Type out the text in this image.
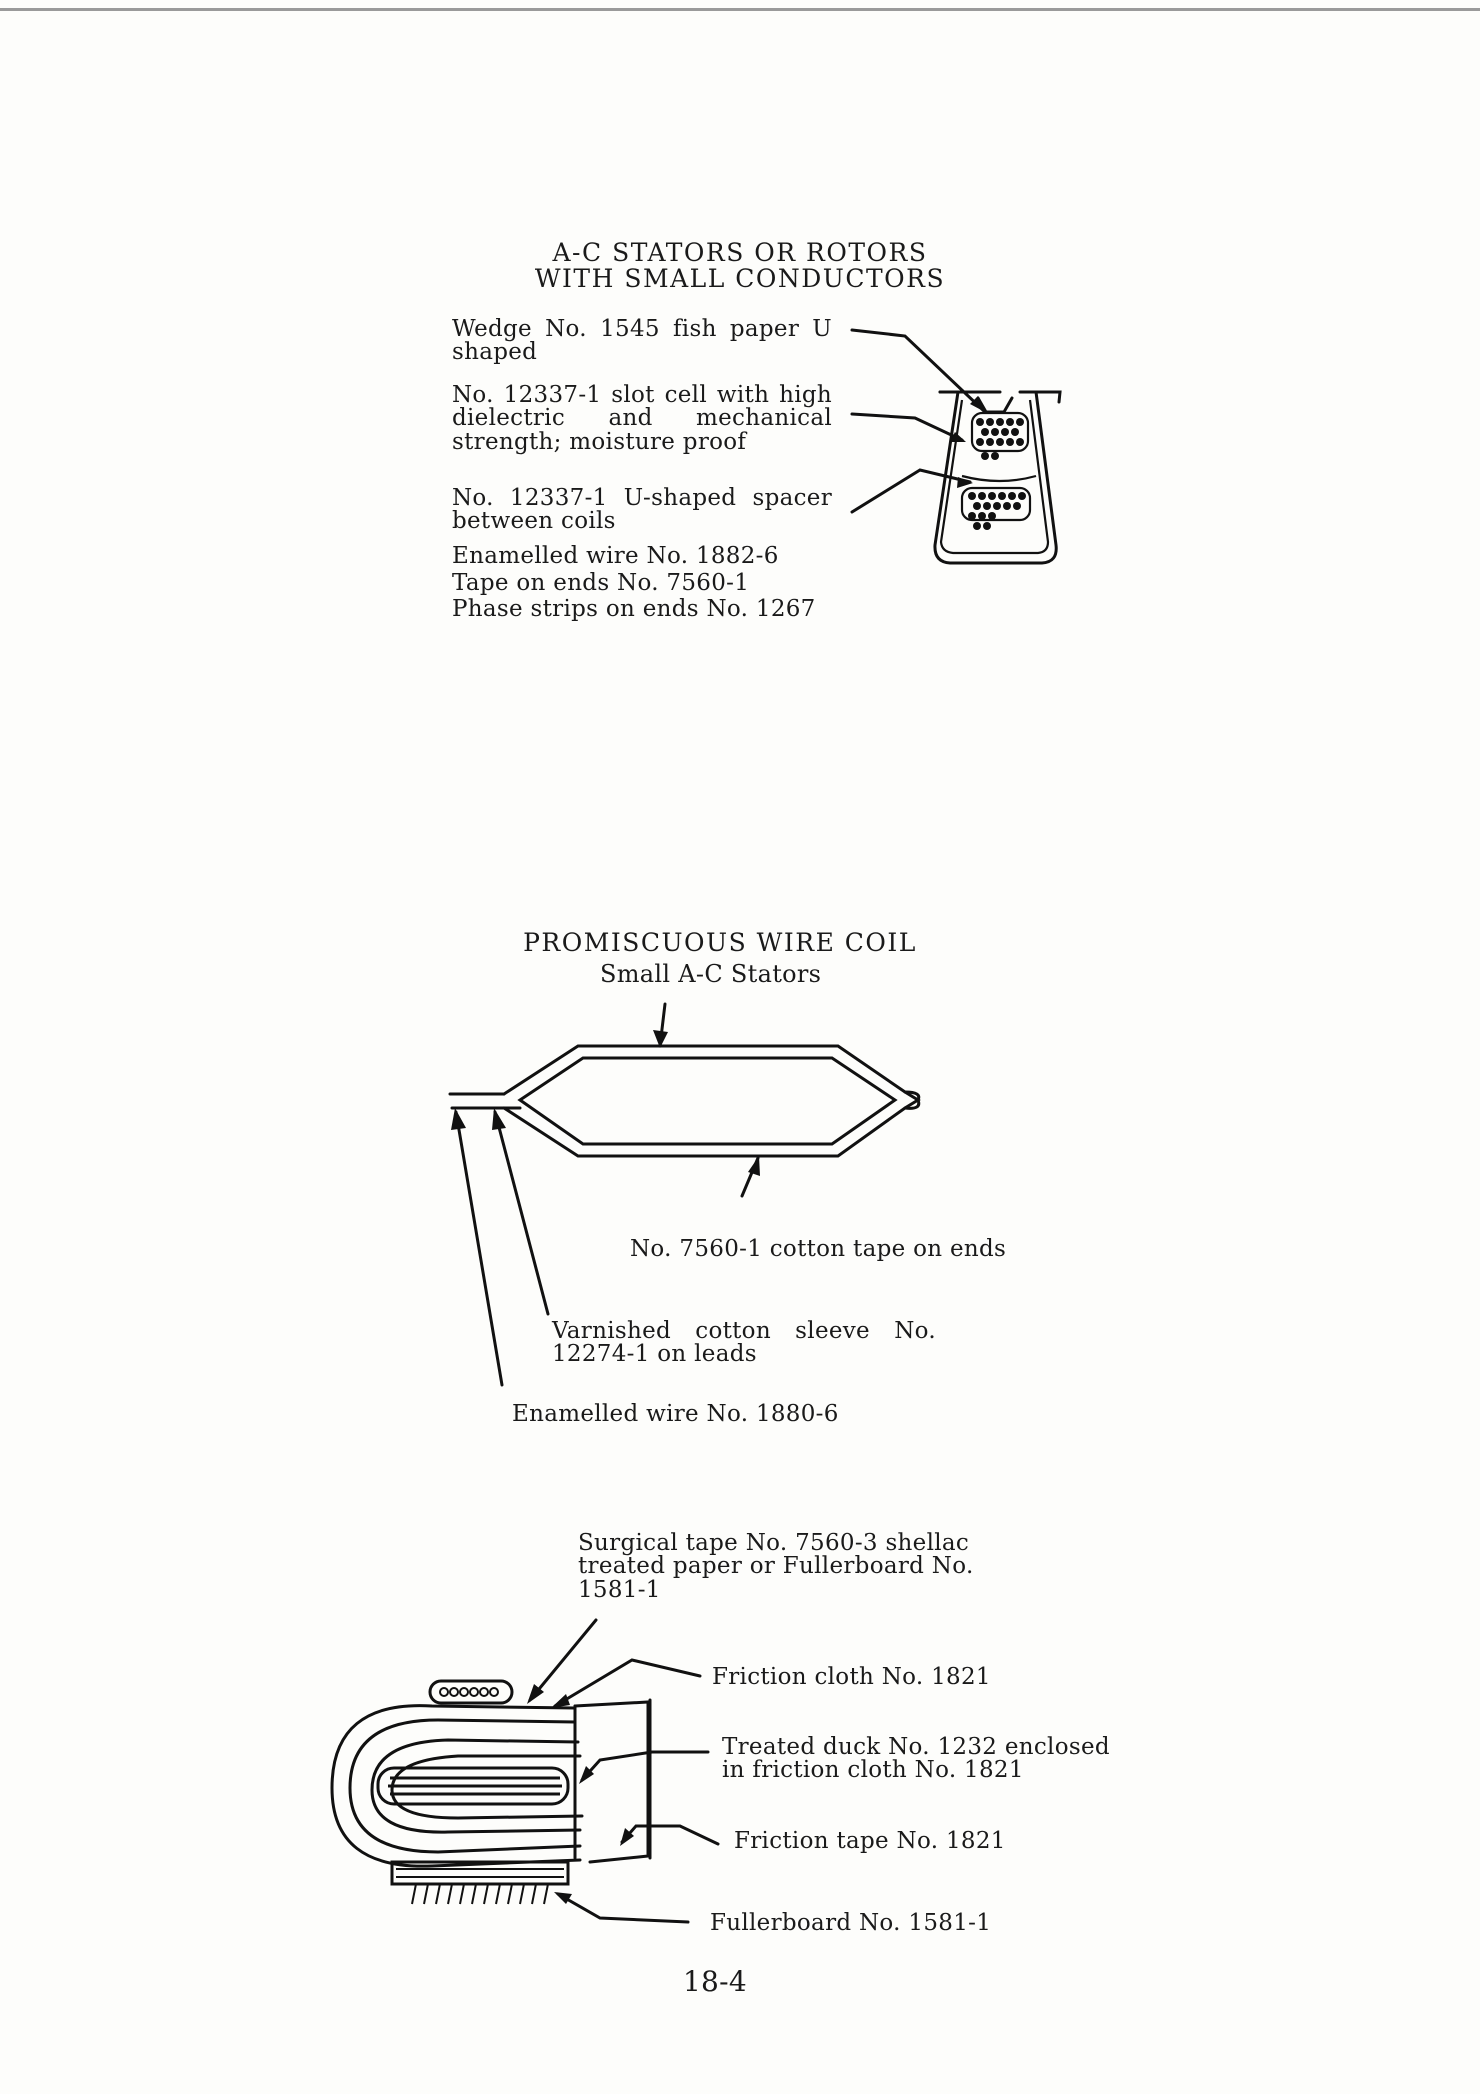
A-C STATORS OR ROTORS

WITH SMALL CONDUCTORS

Wedge No. 1545 fish paper U shaped

No. 12337-1 slot cell with high dielectric and mechanical strength; moisture proof

No. 12337-1 U-shaped spacer between coils

Enamelled wire No. 1882-6

Tape on ends No. 7560-1

Phase strips on ends No. 1267

PROMISCUOUS WIRE COIL

Small A-C Stators

No. 7560-1 cotton tape on ends

Varnished cotton sleeve No. 12274-1 on leads

Enamelled wire No. 1880-6

Surgical tape No. 7560-3 shellac treated paper or Fullerboard No. 1581-1

Friction cloth No. 1821

Treated duck No. 1232 enclosed in friction cloth No. 1821

Friction tape No. 1821

Fullerboard No. 1581-1

18-4
